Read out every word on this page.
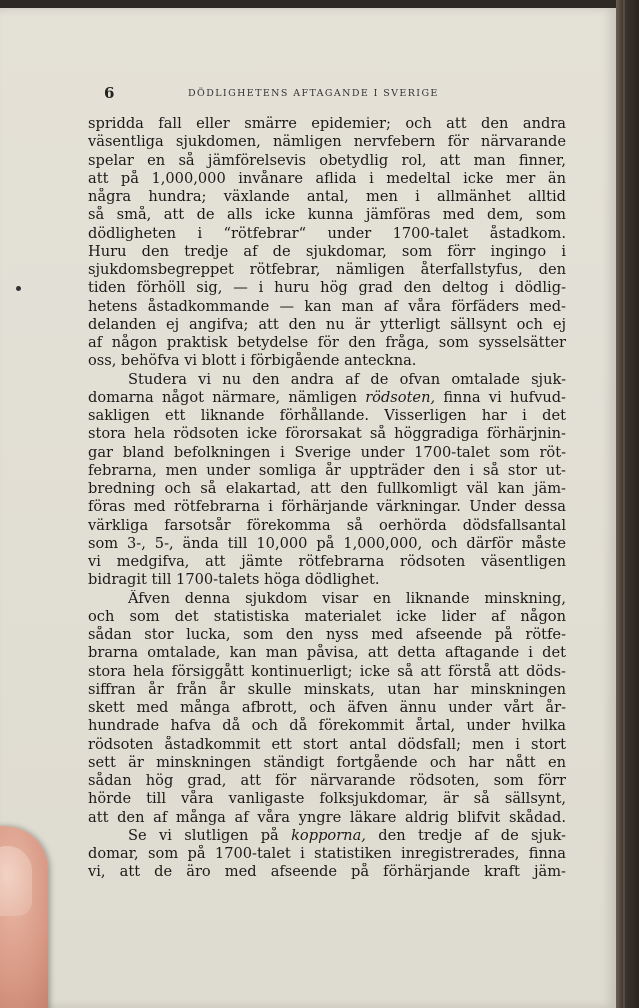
6	DÖDLIGHETENS AFTAGANDE I SVERIGE
spridda fall eller smärre epidemier; och att den andra
väsentliga sjukdomen, nämligen nervfebern för närvarande
spelar en så jämförelsevis obetydlig rol, att man finner,
att på 1,000,000 invånare aflida i medeltal icke mer än
några hundra; växlande antal, men i allmänhet alltid
så små, att de alls icke kunna jämföras med dem, som
dödligheten i “rötfebrar“ under 1700-talet åstadkom.
Huru den tredje af de sjukdomar, som förr ingingo i
sjukdomsbegreppet rötfebrar, nämligen återfallstyfus, den
tiden förhöll sig, — i huru hög grad den deltog i dödlig-
hetens åstadkommande — kan man af våra förfäders med-
delanden ej angifva; att den nu är ytterligt sällsynt och ej
af någon praktisk betydelse för den fråga, som sysselsätter
oss, behöfva vi blott i förbigående anteckna.
Studera vi nu den andra af de ofvan omtalade sjuk-
domarna något närmare, nämligen rödsoten, finna vi hufvud-
sakligen ett liknande förhållande. Visserligen har i det
stora hela rödsoten icke förorsakat så höggradiga förhärjnin-
gar bland befolkningen i Sverige under 1700-talet som röt-
febrarna, men under somliga år uppträder den i så stor ut-
bredning och så elakartad, att den fullkomligt väl kan jäm-
föras med rötfebrarna i förhärjande värkningar. Under dessa
värkliga farsotsår förekomma så oerhörda dödsfallsantal
som 3-, 5-, ända till 10,000 på 1,000,000, och därför måste
vi medgifva, att jämte rötfebrarna rödsoten väsentligen
bidragit till 1700-talets höga dödlighet.
Äfven denna sjukdom visar en liknande minskning,
och som det statistiska materialet icke lider af någon
sådan stor lucka, som den nyss med afseende på rötfe-
brarna omtalade, kan man påvisa, att detta aftagande i det
stora hela försiggått kontinuerligt; icke så att förstå att döds-
siffran år från år skulle minskats, utan har minskningen
skett med många afbrott, och äfven ännu under vårt år-
hundrade hafva då och då förekommit årtal, under hvilka
rödsoten åstadkommit ett stort antal dödsfall; men i stort
sett är minskningen ständigt fortgående och har nått en
sådan hög grad, att för närvarande rödsoten, som förr
hörde till våra vanligaste folksjukdomar, är så sällsynt,
att den af många af våra yngre läkare aldrig blifvit skådad.
Se vi slutligen på kopporna, den tredje af de sjuk-
domar, som på 1700-talet i statistiken inregistrerades, finna
vi, att de äro med afseende på förhärjande kraft jäm-
